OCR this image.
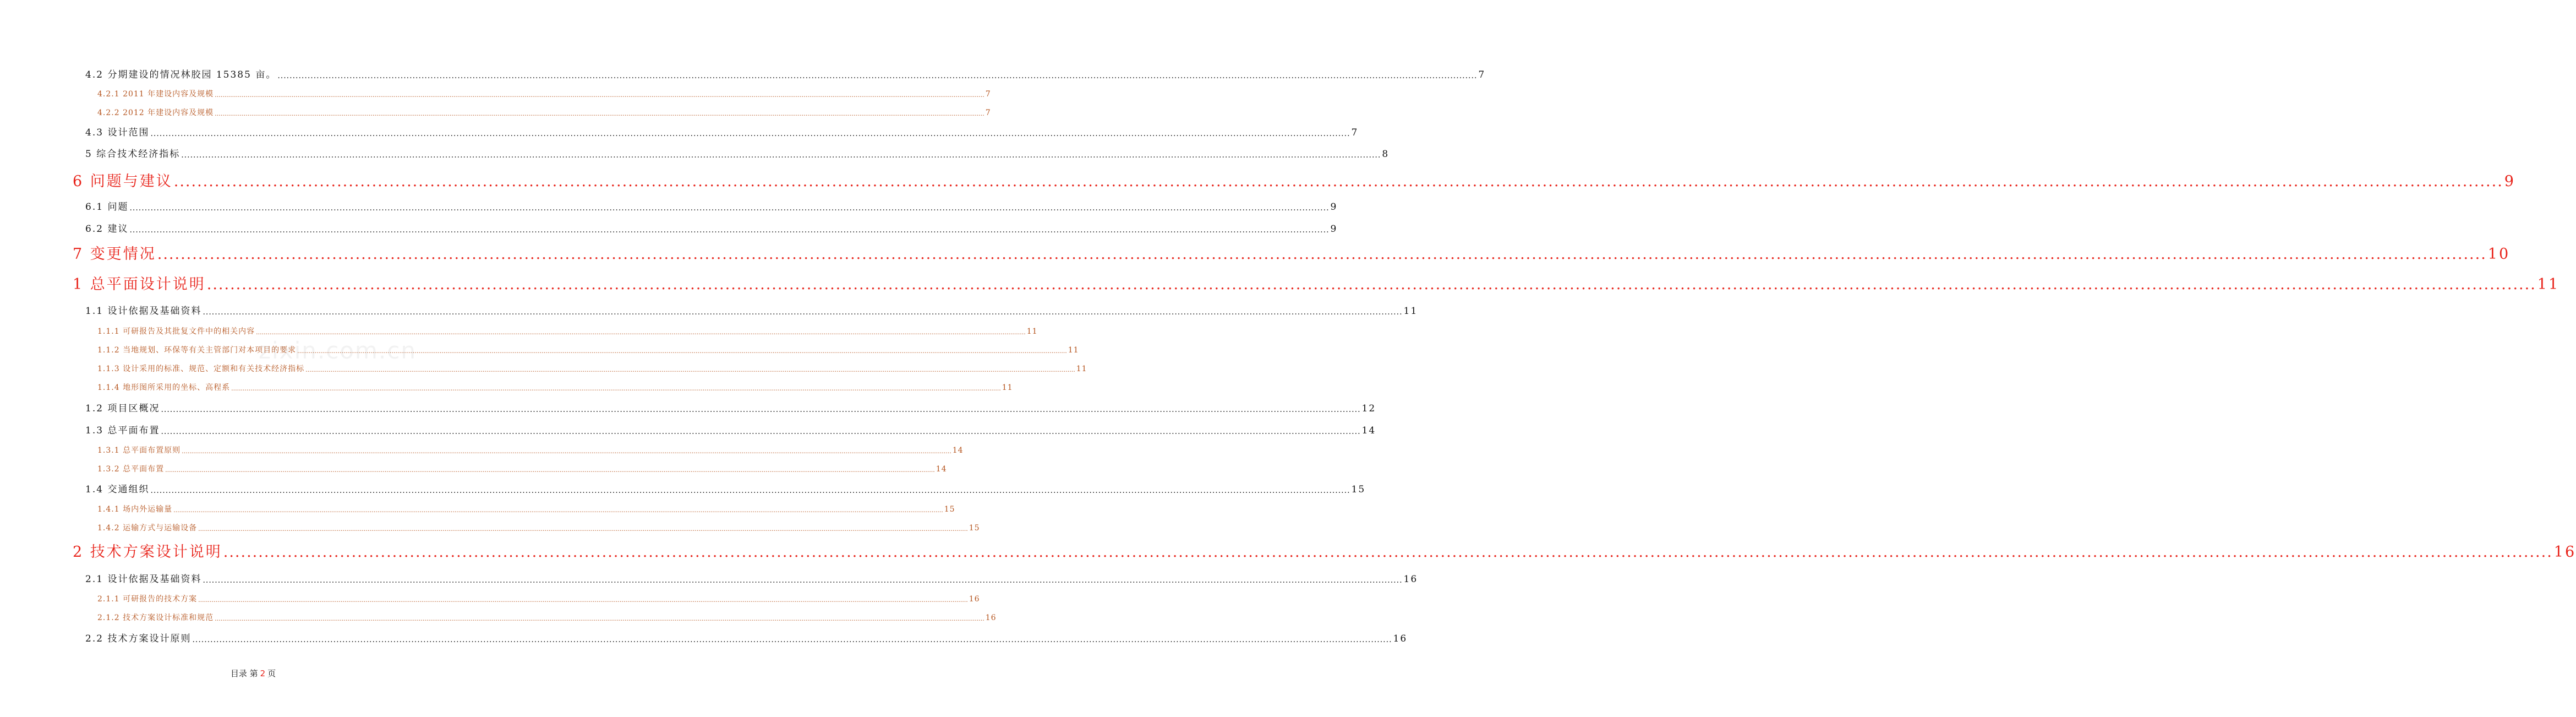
4.2 分期建设的情况林胶园 15385 亩。 ................................................................................................................................................................................................................................................................................................................................................................................................................ 7
4.2.1 2011 年建设内容及规模 ................................................................................................................................................................................................................................................................................................................................................................................................................ 7
4.2.2 2012 年建设内容及规模 ................................................................................................................................................................................................................................................................................................................................................................................................................ 7
4.3 设计范围 ................................................................................................................................................................................................................................................................................................................................................................................................................ 7
5 综合技术经济指标 ................................................................................................................................................................................................................................................................................................................................................................................................................ 8
6 问题与建议 ................................................................................................................................................................................................................................................................................................................................................................................................................ 9
6.1 问题 ................................................................................................................................................................................................................................................................................................................................................................................................................ 9
6.2 建议 ................................................................................................................................................................................................................................................................................................................................................................................................................ 9
7 变更情况 ................................................................................................................................................................................................................................................................................................................................................................................................................ 10
1 总平面设计说明 ................................................................................................................................................................................................................................................................................................................................................................................................................ 11
1.1 设计依据及基础资料 ................................................................................................................................................................................................................................................................................................................................................................................................................ 11
1.1.1 可研报告及其批复文件中的相关内容 ................................................................................................................................................................................................................................................................................................................................................................................................................ 11
1.1.2 当地规划、环保等有关主管部门对本项目的要求 ................................................................................................................................................................................................................................................................................................................................................................................................................ 11
1.1.3 设计采用的标准、规范、定额和有关技术经济指标 ................................................................................................................................................................................................................................................................................................................................................................................................................ 11
1.1.4 地形图所采用的坐标、高程系 ................................................................................................................................................................................................................................................................................................................................................................................................................ 11
1.2 项目区概况 ................................................................................................................................................................................................................................................................................................................................................................................................................ 12
1.3 总平面布置 ................................................................................................................................................................................................................................................................................................................................................................................................................ 14
1.3.1 总平面布置原则 ................................................................................................................................................................................................................................................................................................................................................................................................................ 14
1.3.2 总平面布置 ................................................................................................................................................................................................................................................................................................................................................................................................................ 14
1.4 交通组织 ................................................................................................................................................................................................................................................................................................................................................................................................................ 15
1.4.1 场内外运输量 ................................................................................................................................................................................................................................................................................................................................................................................................................ 15
1.4.2 运输方式与运输设备 ................................................................................................................................................................................................................................................................................................................................................................................................................ 15
2 技术方案设计说明 ................................................................................................................................................................................................................................................................................................................................................................................................................ 16
2.1 设计依据及基础资料 ................................................................................................................................................................................................................................................................................................................................................................................................................ 16
2.1.1 可研报告的技术方案 ................................................................................................................................................................................................................................................................................................................................................................................................................ 16
2.1.2 技术方案设计标准和规范 ................................................................................................................................................................................................................................................................................................................................................................................................................ 16
2.2 技术方案设计原则 ................................................................................................................................................................................................................................................................................................................................................................................................................ 16
zixin.com.cn
目录 第 2 页
